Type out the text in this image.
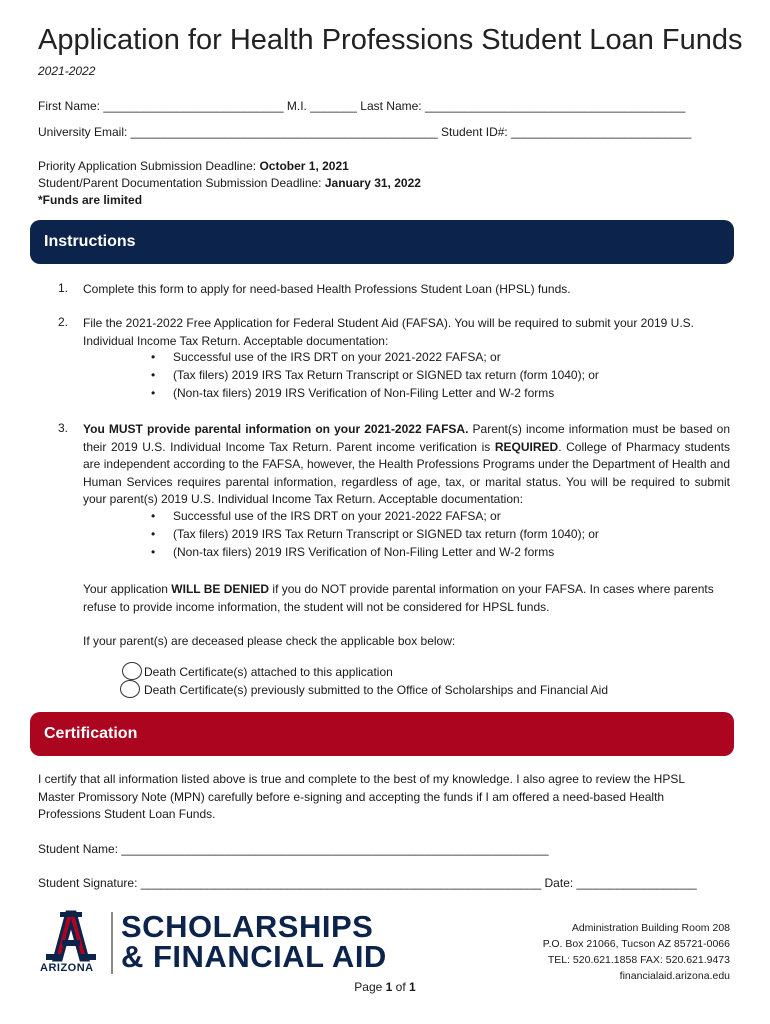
Application for Health Professions Student Loan Funds
2021-2022
First Name: ___________________________ M.I. _______ Last Name: _______________________________________
University Email: ______________________________________________ Student ID#: ___________________________
Priority Application Submission Deadline: October 1, 2021
Student/Parent Documentation Submission Deadline: January 31, 2022
*Funds are limited
Instructions
1. Complete this form to apply for need-based Health Professions Student Loan (HPSL) funds.
2. File the 2021-2022 Free Application for Federal Student Aid (FAFSA). You will be required to submit your 2019 U.S. Individual Income Tax Return. Acceptable documentation:
• Successful use of the IRS DRT on your 2021-2022 FAFSA; or
• (Tax filers) 2019 IRS Tax Return Transcript or SIGNED tax return (form 1040); or
• (Non-tax filers) 2019 IRS Verification of Non-Filing Letter and W-2 forms
3. You MUST provide parental information on your 2021-2022 FAFSA. Parent(s) income information must be based on their 2019 U.S. Individual Income Tax Return. Parent income verification is REQUIRED. College of Pharmacy students are independent according to the FAFSA, however, the Health Professions Programs under the Department of Health and Human Services requires parental information, regardless of age, tax, or marital status. You will be required to submit your parent(s) 2019 U.S. Individual Income Tax Return. Acceptable documentation:
• Successful use of the IRS DRT on your 2021-2022 FAFSA; or
• (Tax filers) 2019 IRS Tax Return Transcript or SIGNED tax return (form 1040); or
• (Non-tax filers) 2019 IRS Verification of Non-Filing Letter and W-2 forms
Your application WILL BE DENIED if you do NOT provide parental information on your FAFSA. In cases where parents refuse to provide income information, the student will not be considered for HPSL funds.
If your parent(s) are deceased please check the applicable box below:
Death Certificate(s) attached to this application
Death Certificate(s) previously submitted to the Office of Scholarships and Financial Aid
Certification
I certify that all information listed above is true and complete to the best of my knowledge. I also agree to review the HPSL Master Promissory Note (MPN) carefully before e-signing and accepting the funds if I am offered a need-based Health Professions Student Loan Funds.
Student Name: ________________________________________________________________
Student Signature: ____________________________________________________________ Date: __________________
ARIZONA
SCHOLARSHIPS
& FINANCIAL AID
Administration Building Room 208
P.O. Box 21066, Tucson AZ 85721-0066
TEL: 520.621.1858 FAX: 520.621.9473
financialaid.arizona.edu
Page 1 of 1
